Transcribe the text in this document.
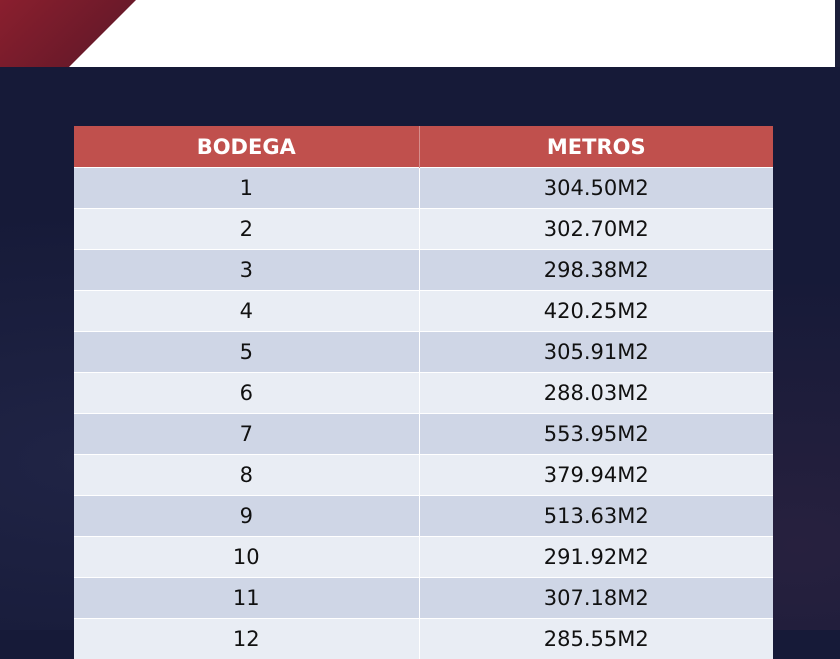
BODEGA	METROS
1	304.50M2
2	302.70M2
3	298.38M2
4	420.25M2
5	305.91M2
6	288.03M2
7	553.95M2
8	379.94M2
9	513.63M2
10	291.92M2
11	307.18M2
12	285.55M2
